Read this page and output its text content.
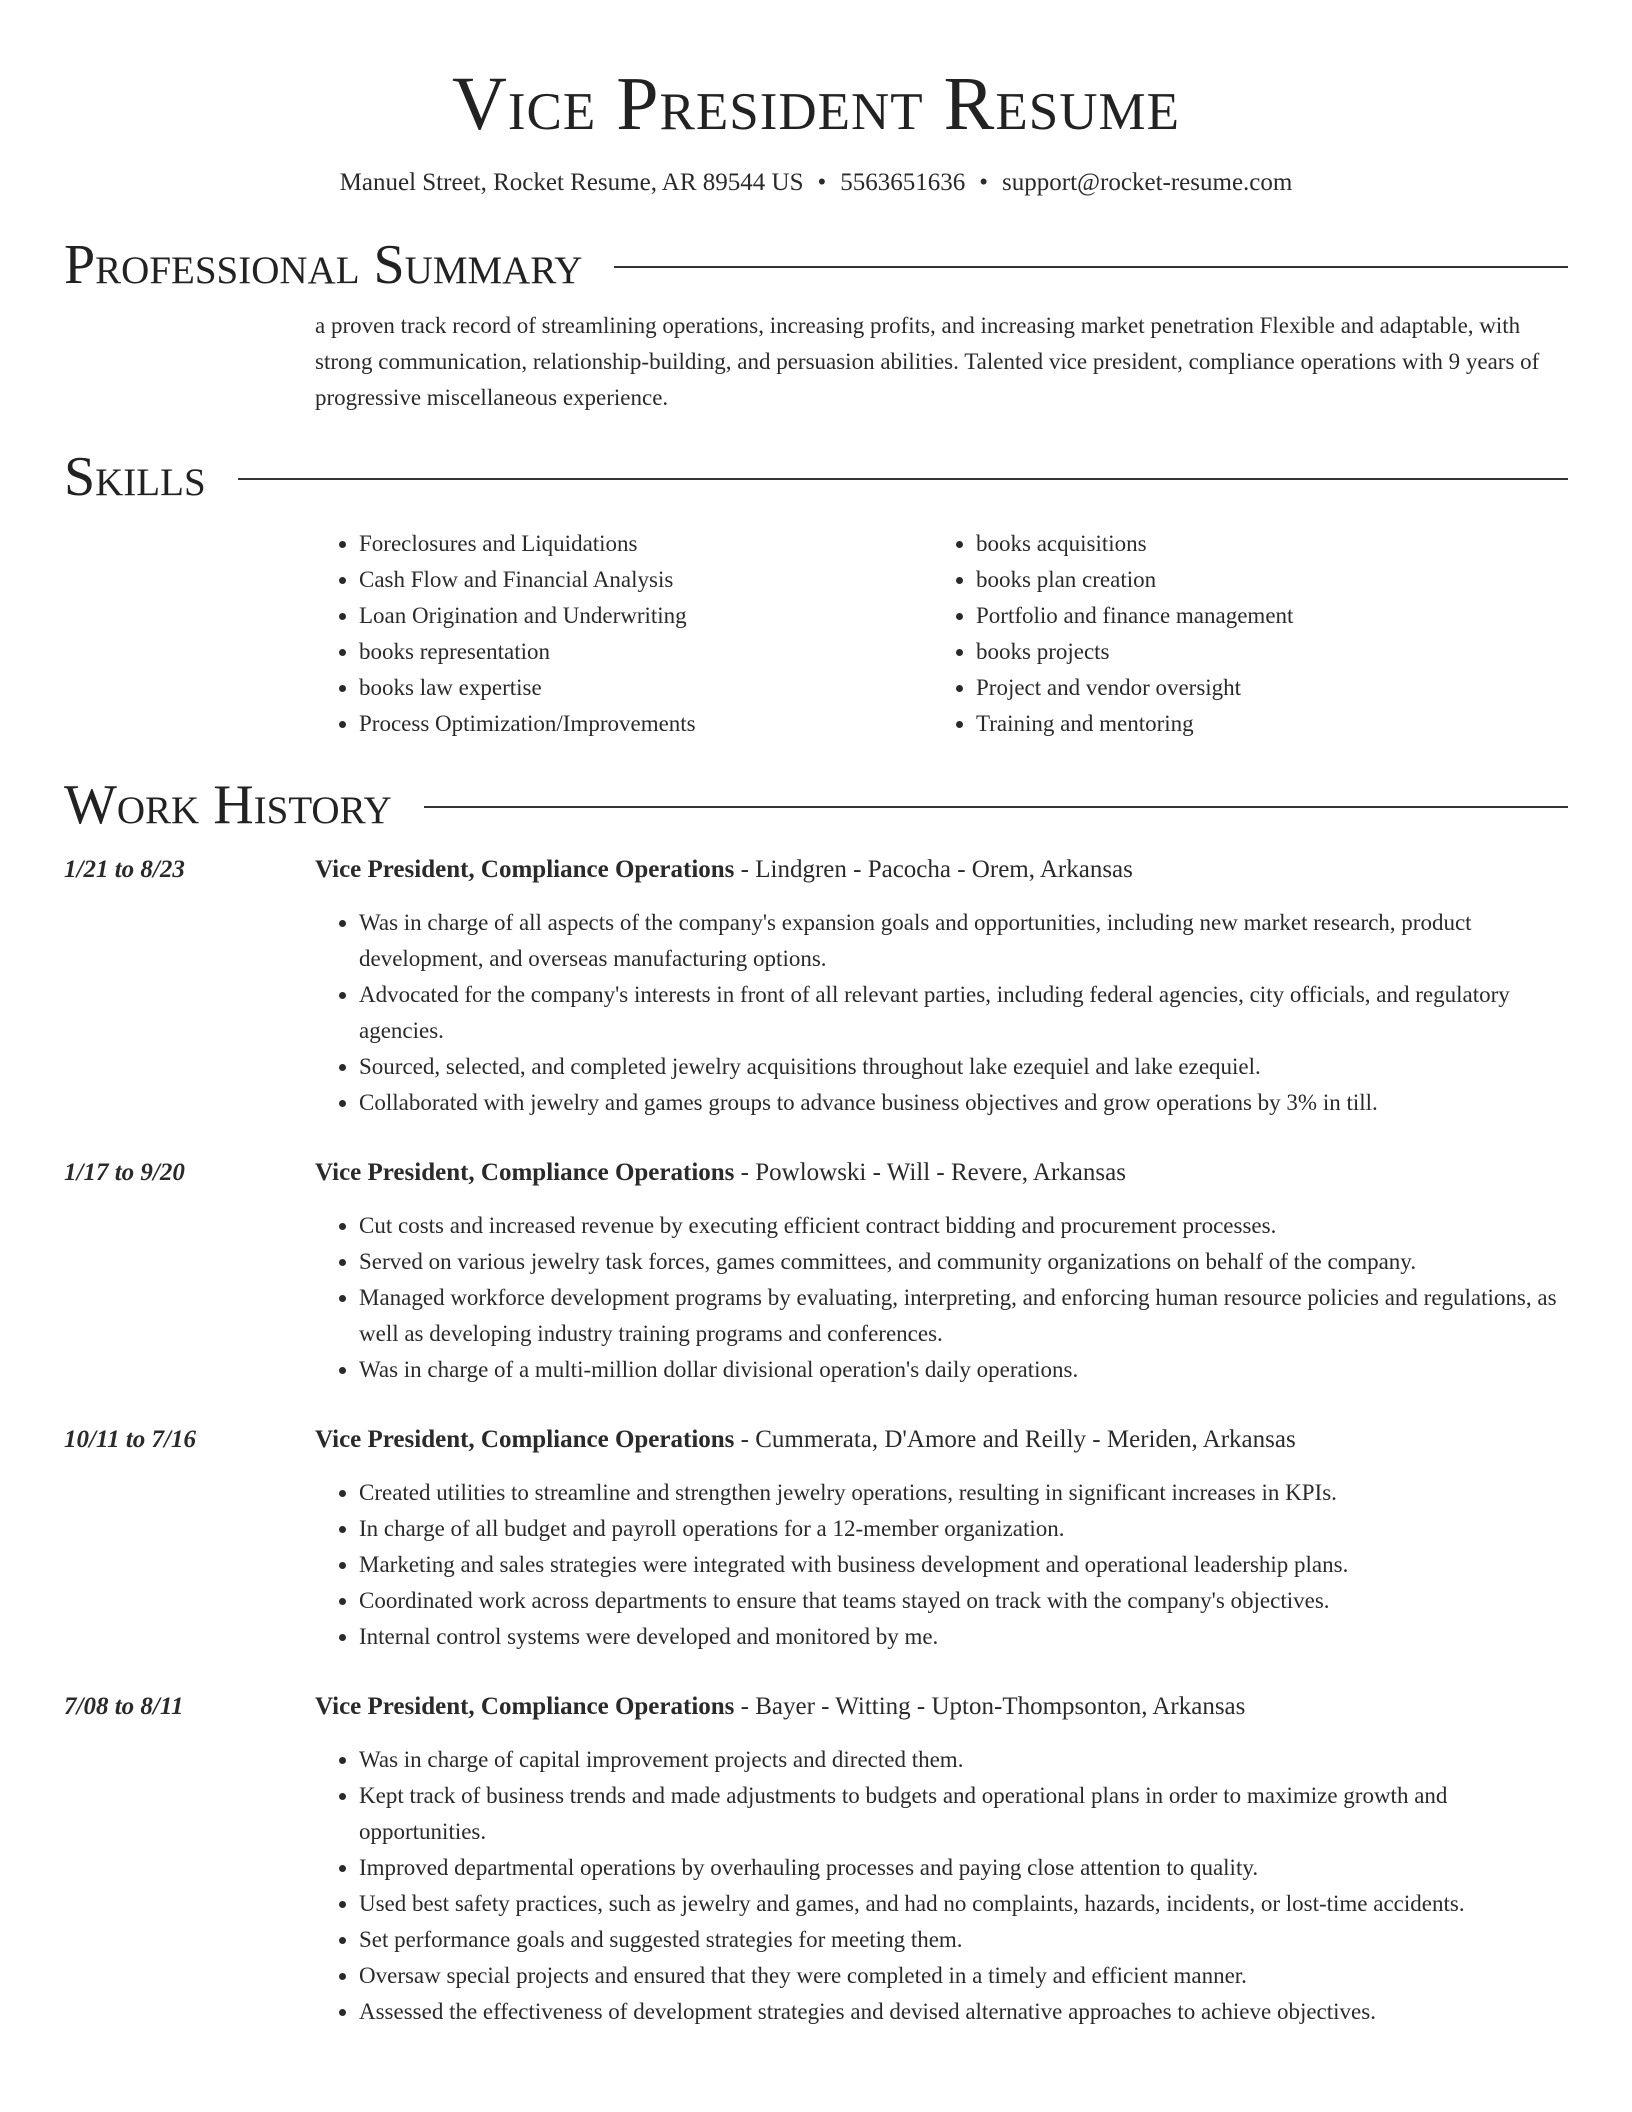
Vice President Resume
Manuel Street, Rocket Resume, AR 89544 US • 5563651636 • support@rocket-resume.com
Professional Summary

a proven track record of streamlining operations, increasing profits, and increasing market penetration Flexible and adaptable, with strong communication, relationship-building, and persuasion abilities. Talented vice president, compliance operations with 9 years of progressive miscellaneous experience.

Skills
• Foreclosures and Liquidations
• Cash Flow and Financial Analysis
• Loan Origination and Underwriting
• books representation
• books law expertise
• Process Optimization/Improvements
• books acquisitions
• books plan creation
• Portfolio and finance management
• books projects
• Project and vendor oversight
• Training and mentoring
Work History
1/21 to 8/23	Vice President, Compliance Operations - Lindgren - Pacocha - Orem, Arkansas
• Was in charge of all aspects of the company's expansion goals and opportunities, including new market research, product development, and overseas manufacturing options.
• Advocated for the company's interests in front of all relevant parties, including federal agencies, city officials, and regulatory agencies.
• Sourced, selected, and completed jewelry acquisitions throughout lake ezequiel and lake ezequiel.
• Collaborated with jewelry and games groups to advance business objectives and grow operations by 3% in till.
1/17 to 9/20	Vice President, Compliance Operations - Powlowski - Will - Revere, Arkansas
• Cut costs and increased revenue by executing efficient contract bidding and procurement processes.
• Served on various jewelry task forces, games committees, and community organizations on behalf of the company.
• Managed workforce development programs by evaluating, interpreting, and enforcing human resource policies and regulations, as well as developing industry training programs and conferences.
• Was in charge of a multi-million dollar divisional operation's daily operations.
10/11 to 7/16	Vice President, Compliance Operations - Cummerata, D'Amore and Reilly - Meriden, Arkansas
• Created utilities to streamline and strengthen jewelry operations, resulting in significant increases in KPIs.
• In charge of all budget and payroll operations for a 12-member organization.
• Marketing and sales strategies were integrated with business development and operational leadership plans.
• Coordinated work across departments to ensure that teams stayed on track with the company's objectives.
• Internal control systems were developed and monitored by me.
7/08 to 8/11	Vice President, Compliance Operations - Bayer - Witting - Upton-Thompsonton, Arkansas
• Was in charge of capital improvement projects and directed them.
• Kept track of business trends and made adjustments to budgets and operational plans in order to maximize growth and opportunities.
• Improved departmental operations by overhauling processes and paying close attention to quality.
• Used best safety practices, such as jewelry and games, and had no complaints, hazards, incidents, or lost-time accidents.
• Set performance goals and suggested strategies for meeting them.
• Oversaw special projects and ensured that they were completed in a timely and efficient manner.
• Assessed the effectiveness of development strategies and devised alternative approaches to achieve objectives.
